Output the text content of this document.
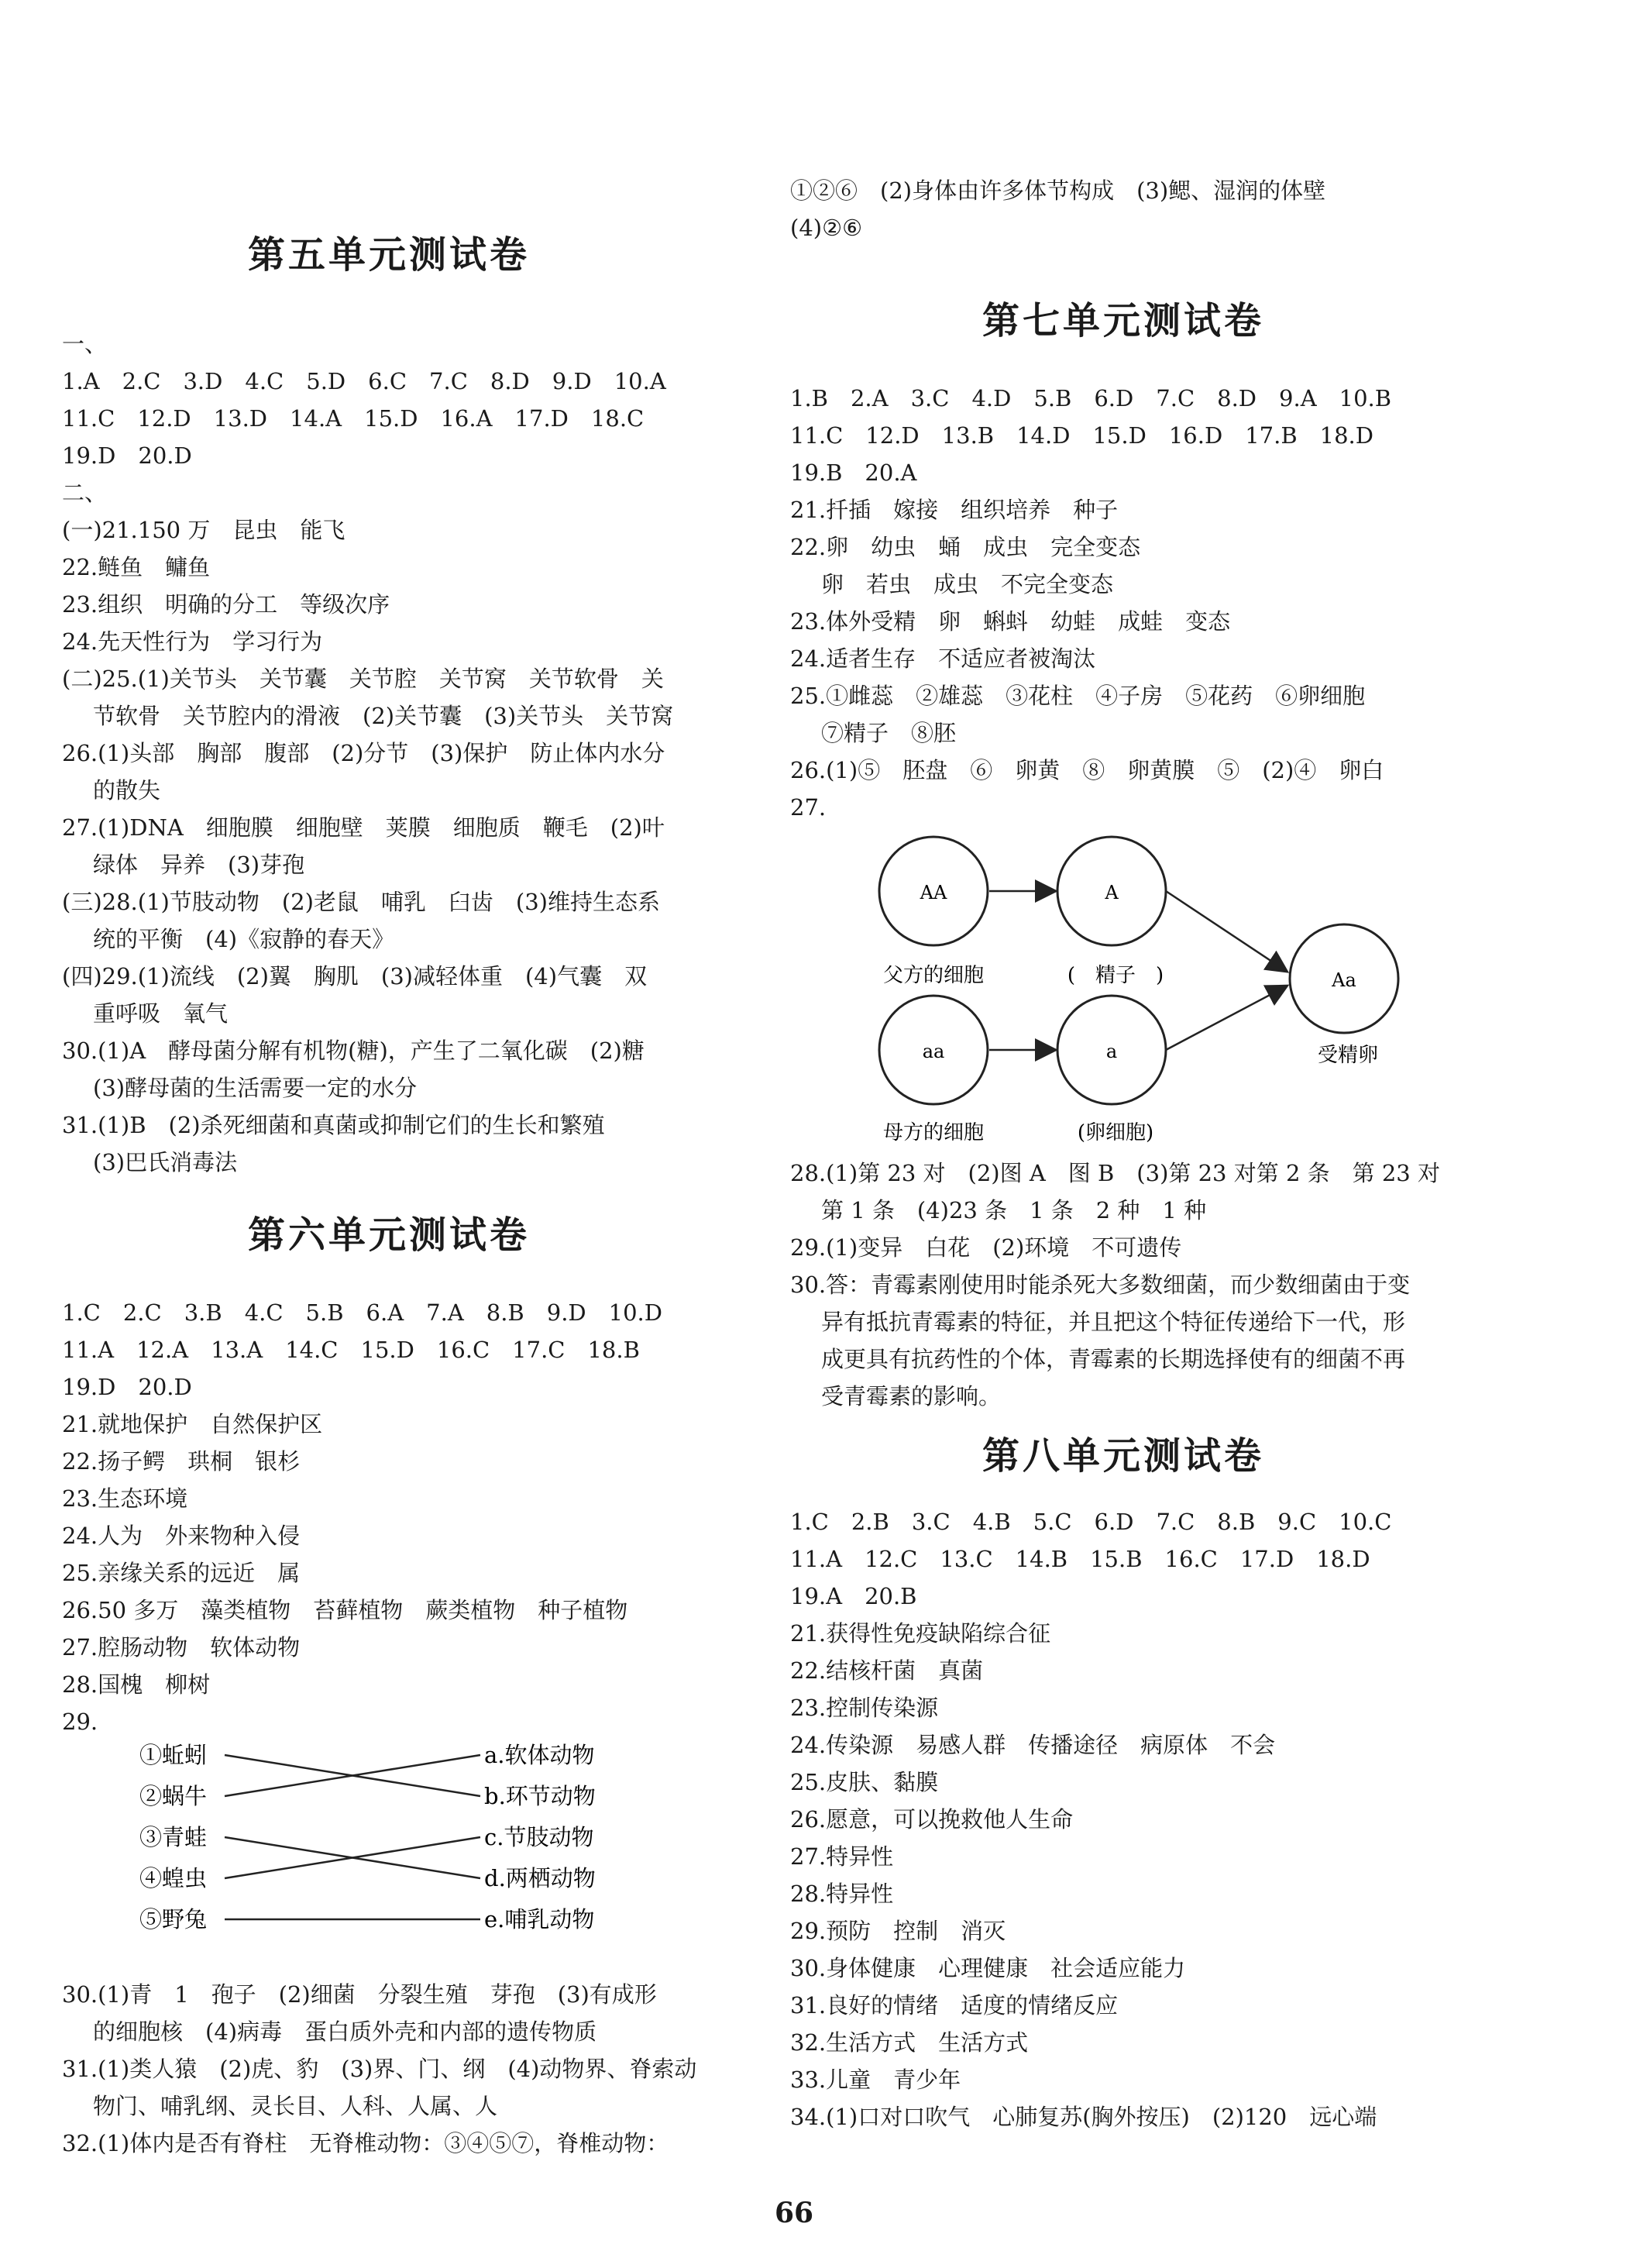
第五单元测试卷
一、
1.A　2.C　3.D　4.C　5.D　6.C　7.C　8.D　9.D　10.A
11.C　12.D　13.D　14.A　15.D　16.A　17.D　18.C
19.D　20.D
二、
(一)21.150 万　昆虫　能飞
22.鲢鱼　鳙鱼
23.组织　明确的分工　等级次序
24.先天性行为　学习行为
(二)25.(1)关节头　关节囊　关节腔　关节窝　关节软骨　关
节软骨　关节腔内的滑液　(2)关节囊　(3)关节头　关节窝
26.(1)头部　胸部　腹部　(2)分节　(3)保护　防止体内水分
的散失
27.(1)DNA　细胞膜　细胞壁　荚膜　细胞质　鞭毛　(2)叶
绿体　异养　(3)芽孢
(三)28.(1)节肢动物　(2)老鼠　哺乳　臼齿　(3)维持生态系
统的平衡　(4)《寂静的春天》
(四)29.(1)流线　(2)翼　胸肌　(3)减轻体重　(4)气囊　双
重呼吸　氧气
30.(1)A　酵母菌分解有机物(糖)，产生了二氧化碳　(2)糖
(3)酵母菌的生活需要一定的水分
31.(1)B　(2)杀死细菌和真菌或抑制它们的生长和繁殖
(3)巴氏消毒法
第六单元测试卷
1.C　2.C　3.B　4.C　5.B　6.A　7.A　8.B　9.D　10.D
11.A　12.A　13.A　14.C　15.D　16.C　17.C　18.B
19.D　20.D
21.就地保护　自然保护区
22.扬子鳄　珙桐　银杉
23.生态环境
24.人为　外来物种入侵
25.亲缘关系的远近　属
26.50 多万　藻类植物　苔藓植物　蕨类植物　种子植物
27.腔肠动物　软体动物
28.国槐　柳树
29.
①蚯蚓
②蜗牛
③青蛙
④蝗虫
⑤野兔
a.软体动物
b.环节动物
c.节肢动物
d.两栖动物
e.哺乳动物
30.(1)青　1　孢子　(2)细菌　分裂生殖　芽孢　(3)有成形
的细胞核　(4)病毒　蛋白质外壳和内部的遗传物质
31.(1)类人猿　(2)虎、豹　(3)界、门、纲　(4)动物界、脊索动
物门、哺乳纲、灵长目、人科、人属、人
32.(1)体内是否有脊柱　无脊椎动物：③④⑤⑦，脊椎动物：
①②⑥　(2)身体由许多体节构成　(3)鳃、湿润的体壁
(4)②⑥
第七单元测试卷
1.B　2.A　3.C　4.D　5.B　6.D　7.C　8.D　9.A　10.B
11.C　12.D　13.B　14.D　15.D　16.D　17.B　18.D
19.B　20.A
21.扦插　嫁接　组织培养　种子
22.卵　幼虫　蛹　成虫　完全变态
卵　若虫　成虫　不完全变态
23.体外受精　卵　蝌蚪　幼蛙　成蛙　变态
24.适者生存　不适应者被淘汰
25.①雌蕊　②雄蕊　③花柱　④子房　⑤花药　⑥卵细胞
⑦精子　⑧胚
26.(1)⑤　胚盘　⑥　卵黄　⑧　卵黄膜　⑤　(2)④　卵白
27.
AA	A
父方的细胞	(　精子　)
aa	a
母方的细胞	(卵细胞)
Aa
受精卵
28.(1)第 23 对　(2)图 A　图 B　(3)第 23 对第 2 条　第 23 对
第 1 条　(4)23 条　1 条　2 种　1 种
29.(1)变异　白花　(2)环境　不可遗传
30.答：青霉素刚使用时能杀死大多数细菌，而少数细菌由于变
异有抵抗青霉素的特征，并且把这个特征传递给下一代，形
成更具有抗药性的个体，青霉素的长期选择使有的细菌不再
受青霉素的影响。
第八单元测试卷
1.C　2.B　3.C　4.B　5.C　6.D　7.C　8.B　9.C　10.C
11.A　12.C　13.C　14.B　15.B　16.C　17.D　18.D
19.A　20.B
21.获得性免疫缺陷综合征
22.结核杆菌　真菌
23.控制传染源
24.传染源　易感人群　传播途径　病原体　不会
25.皮肤、黏膜
26.愿意，可以挽救他人生命
27.特异性
28.特异性
29.预防　控制　消灭
30.身体健康　心理健康　社会适应能力
31.良好的情绪　适度的情绪反应
32.生活方式　生活方式
33.儿童　青少年
34.(1)口对口吹气　心肺复苏(胸外按压)　(2)120　远心端
66
